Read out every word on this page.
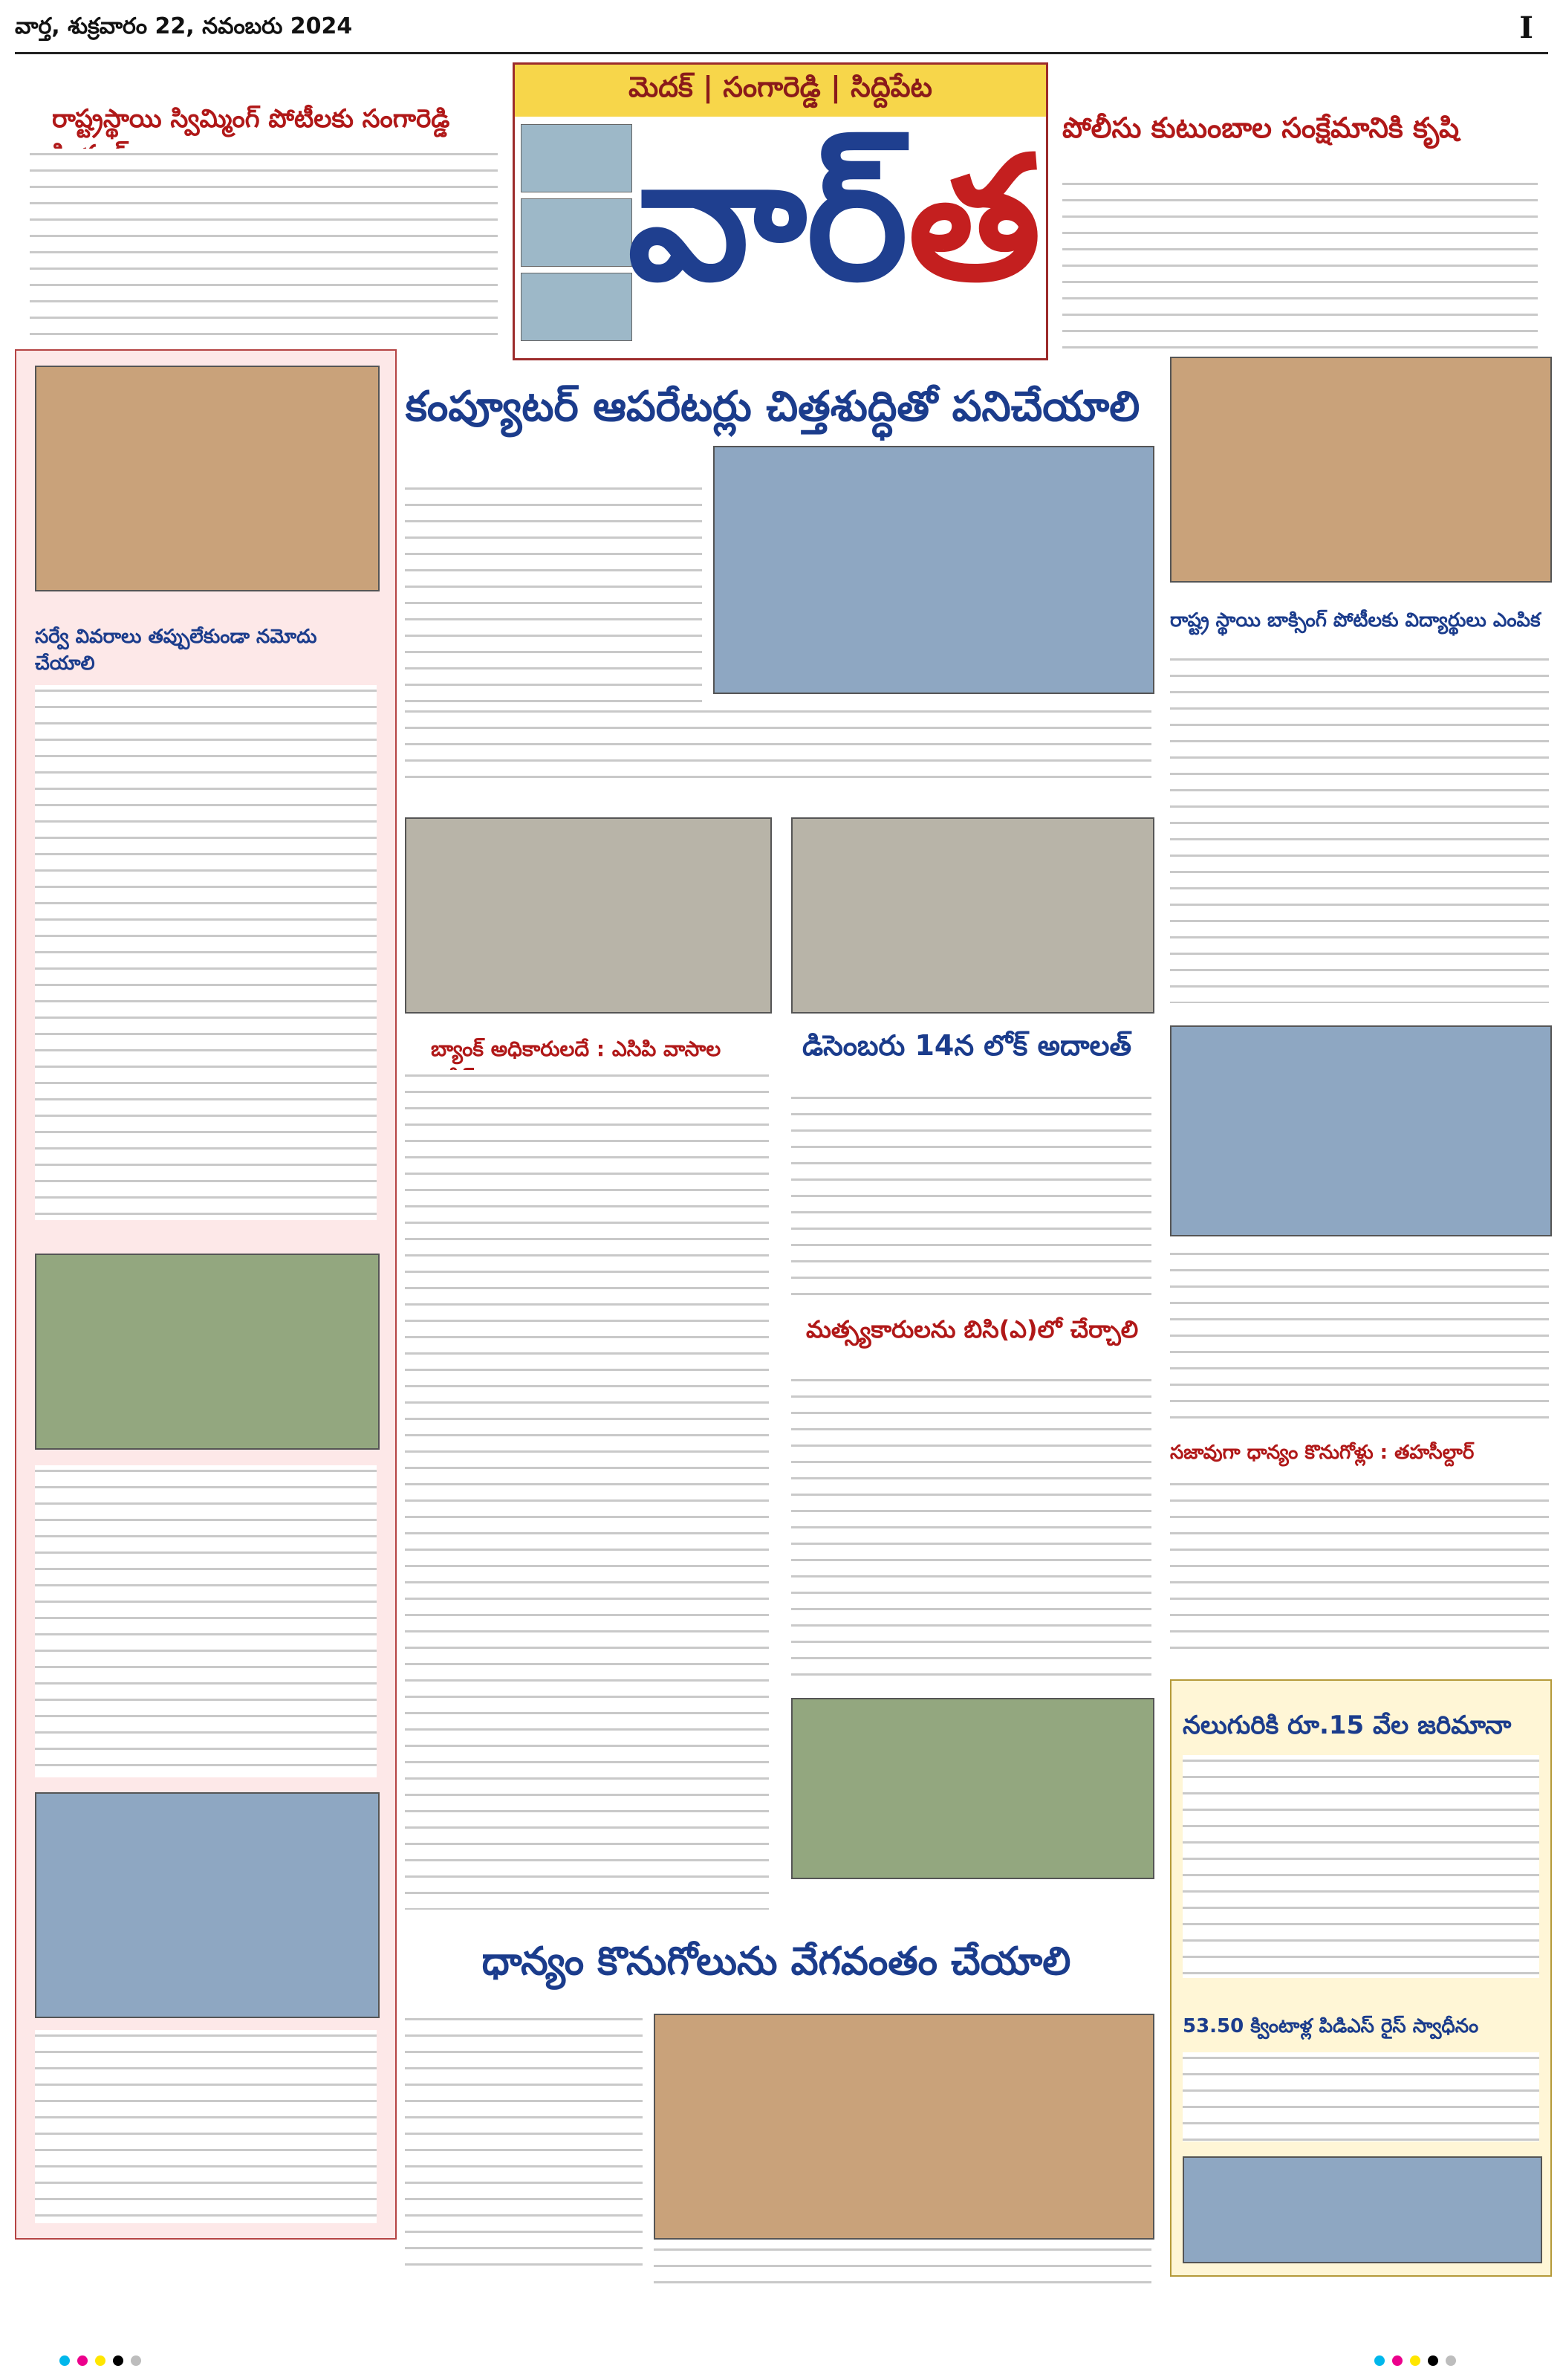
వార్త, శుక్రవారం 22, నవంబరు 2024	I
రాష్ట్రస్థాయి స్విమ్మింగ్ పోటీలకు సంగారెడ్డి
మెదక్ | సంగారెడ్డి | సిద్దిపేట
వార్ త పోలీసు కుటుంబాల సంక్షేమానికి కృషి
కంప్యూటర్ ఆపరేటర్లు చిత్తశుద్ధితో పనిచేయాలి
సర్వే వివరాలు తప్పులేకుండా నమోదు చేయాలి
బ్యాంక్ అధికారులదే : ఎసిపి వాసాల	డిసెంబరు 14న లోక్ అదాలత్
మత్స్యకారులను బిసి(ఎ)లో చేర్చాలి
ధాన్యం కొనుగోలును వేగవంతం చేయాలి
రాష్ట్ర స్థాయి బాక్సింగ్ పోటీలకు విద్యార్థులు ఎంపిక
సజావుగా ధాన్యం కొనుగోళ్లు : తహసీల్దార్
నలుగురికి రూ.15 వేల జరిమానా
53.50 క్వింటాళ్ల పిడిఎస్ రైస్ స్వాధీనం
